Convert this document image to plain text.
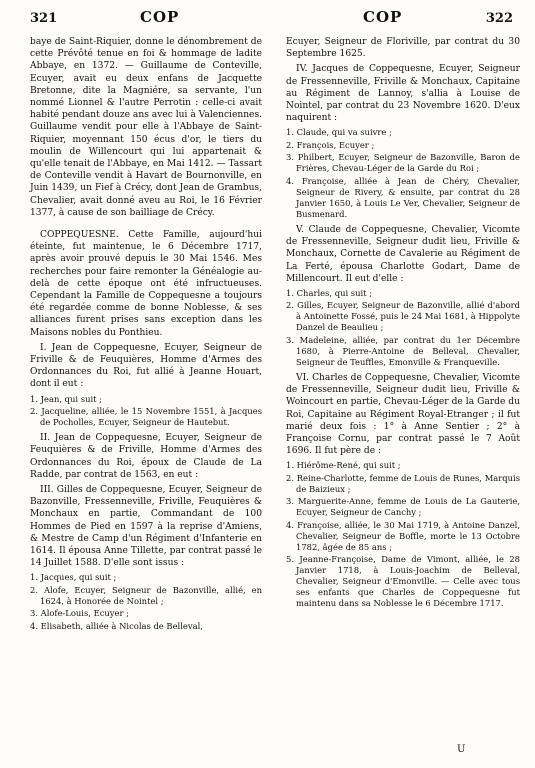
321	COP	COP	322

baye de Saint-Riquier, donne le dénombrement de cette Prévôté tenue en foi & hommage de ladite Abbaye, en 1372. — Guillaume de Conteville, Ecuyer, avait eu deux enfans de Jacquette Bretonne, dite la Magniére, sa servante, l'un nommé Lionnel & l'autre Perrotin : celle-ci avait habité pendant douze ans avec lui à Valenciennes. Guillaume vendit pour elle à l'Abbaye de Saint-Riquier, moyennant 150 écus d'or, le tiers du moulin de Willencourt qui lui appartenait & qu'elle tenait de l'Abbaye, en Mai 1412. — Tassart de Conteville vendit à Havart de Bournonville, en Juin 1439, un Fief à Crécy, dont Jean de Grambus, Chevalier, avait donné aveu au Roi, le 16 Février 1377, à cause de son bailliage de Crécy.

COPPEQUESNE. Cette Famille, aujourd'hui éteinte, fut maintenue, le 6 Décembre 1717, après avoir prouvé depuis le 30 Mai 1546. Mes recherches pour faire remonter la Généalogie au-delà de cette époque ont été infructueuses. Cependant la Famille de Coppequesne a toujours été regardée comme de bonne Noblesse, & ses alliances furent prises sans exception dans les Maisons nobles du Ponthieu.

I. Jean de Coppequesne, Ecuyer, Seigneur de Friville & de Feuquières, Homme d'Armes des Ordonnances du Roi, fut allié à Jeanne Houart, dont il eut :

1. Jean, qui suit ;
2. Jacqueline, alliée, le 15 Novembre 1551, à Jacques de Pocholles, Ecuyer, Seigneur de Hautebut.

II. Jean de Coppequesne, Ecuyer, Seigneur de Feuquières & de Friville, Homme d'Armes des Ordonnances du Roi, époux de Claude de La Radde, par contrat de 1563, en eut :

III. Gilles de Coppequesne, Ecuyer, Seigneur de Bazonville, Fressenneville, Friville, Feuquières & Monchaux en partie, Commandant de 100 Hommes de Pied en 1597 à la reprise d'Amiens, & Mestre de Camp d'un Régiment d'Infanterie en 1614. Il épousa Anne Tillette, par contrat passé le 14 Juillet 1588. D'elle sont issus :

1. Jacques, qui suit ;
2. Alofe, Ecuyer, Seigneur de Bazonville, allié, en 1624, à Honorée de Nointel ;
3. Alofe-Louis, Ecuyer ;
4. Elisabeth, alliée à Nicolas de Belleval,

Ecuyer, Seigneur de Floriville, par contrat du 30 Septembre 1625.

IV. Jacques de Coppequesne, Ecuyer, Seigneur de Fressenneville, Friville & Monchaux, Capitaine au Régiment de Lannoy, s'allia à Louise de Nointel, par contrat du 23 Novembre 1620. D'eux naquirent :

1. Claude, qui va suivre ;
2. François, Ecuyer ;
3. Philbert, Ecuyer, Seigneur de Bazonville, Baron de Frières, Chevau-Léger de la Garde du Roi ;
4. Françoise, alliée à Jean de Chéry, Chevalier, Seigneur de Rivery, & ensuite, par contrat du 28 Janvier 1650, à Louis Le Ver, Chevalier, Seigneur de Busmenard.

V. Claude de Coppequesne, Chevalier, Vicomte de Fressenneville, Seigneur dudit lieu, Friville & Monchaux, Cornette de Cavalerie au Régiment de La Ferté, épousa Charlotte Godart, Dame de Millencourt. Il eut d'elle :

1. Charles, qui suit ;
2. Gilles, Ecuyer, Seigneur de Bazonville, allié d'abord à Antoinette Fossé, puis le 24 Mai 1681, à Hippolyte Danzel de Beaulieu ;
3. Madeleine, alliée, par contrat du 1er Décembre 1680, à Pierre-Antoine de Belleval, Chevalier, Seigneur de Teuffles, Emonville & Franqueville.

VI. Charles de Coppequesne, Chevalier, Vicomte de Fressenneville, Seigneur dudit lieu, Friville & Woincourt en partie, Chevau-Léger de la Garde du Roi, Capitaine au Régiment Royal-Etranger ; il fut marié deux fois : 1° à Anne Sentier ; 2° à Françoise Cornu, par contrat passé le 7 Août 1696. Il fut père de :

1. Hiérôme-René, qui suit ;
2. Reine-Charlotte, femme de Louis de Runes, Marquis de Baizieux ;
3. Marguerite-Anne, femme de Louis de La Gauterie, Ecuyer, Seigneur de Canchy ;
4. Françoise, alliée, le 30 Mai 1719, à Antoine Danzel, Chevalier, Seigneur de Boffle, morte le 13 Octobre 1782, âgée de 85 ans ;
5. Jeanne-Françoise, Dame de Vimont, alliée, le 28 Janvier 1718, à Louis-Joachim de Belleval, Chevalier, Seigneur d'Emonville. — Celle avec tous ses enfants que Charles de Coppequesne fut maintenu dans sa Noblesse le 6 Décembre 1717.
U
